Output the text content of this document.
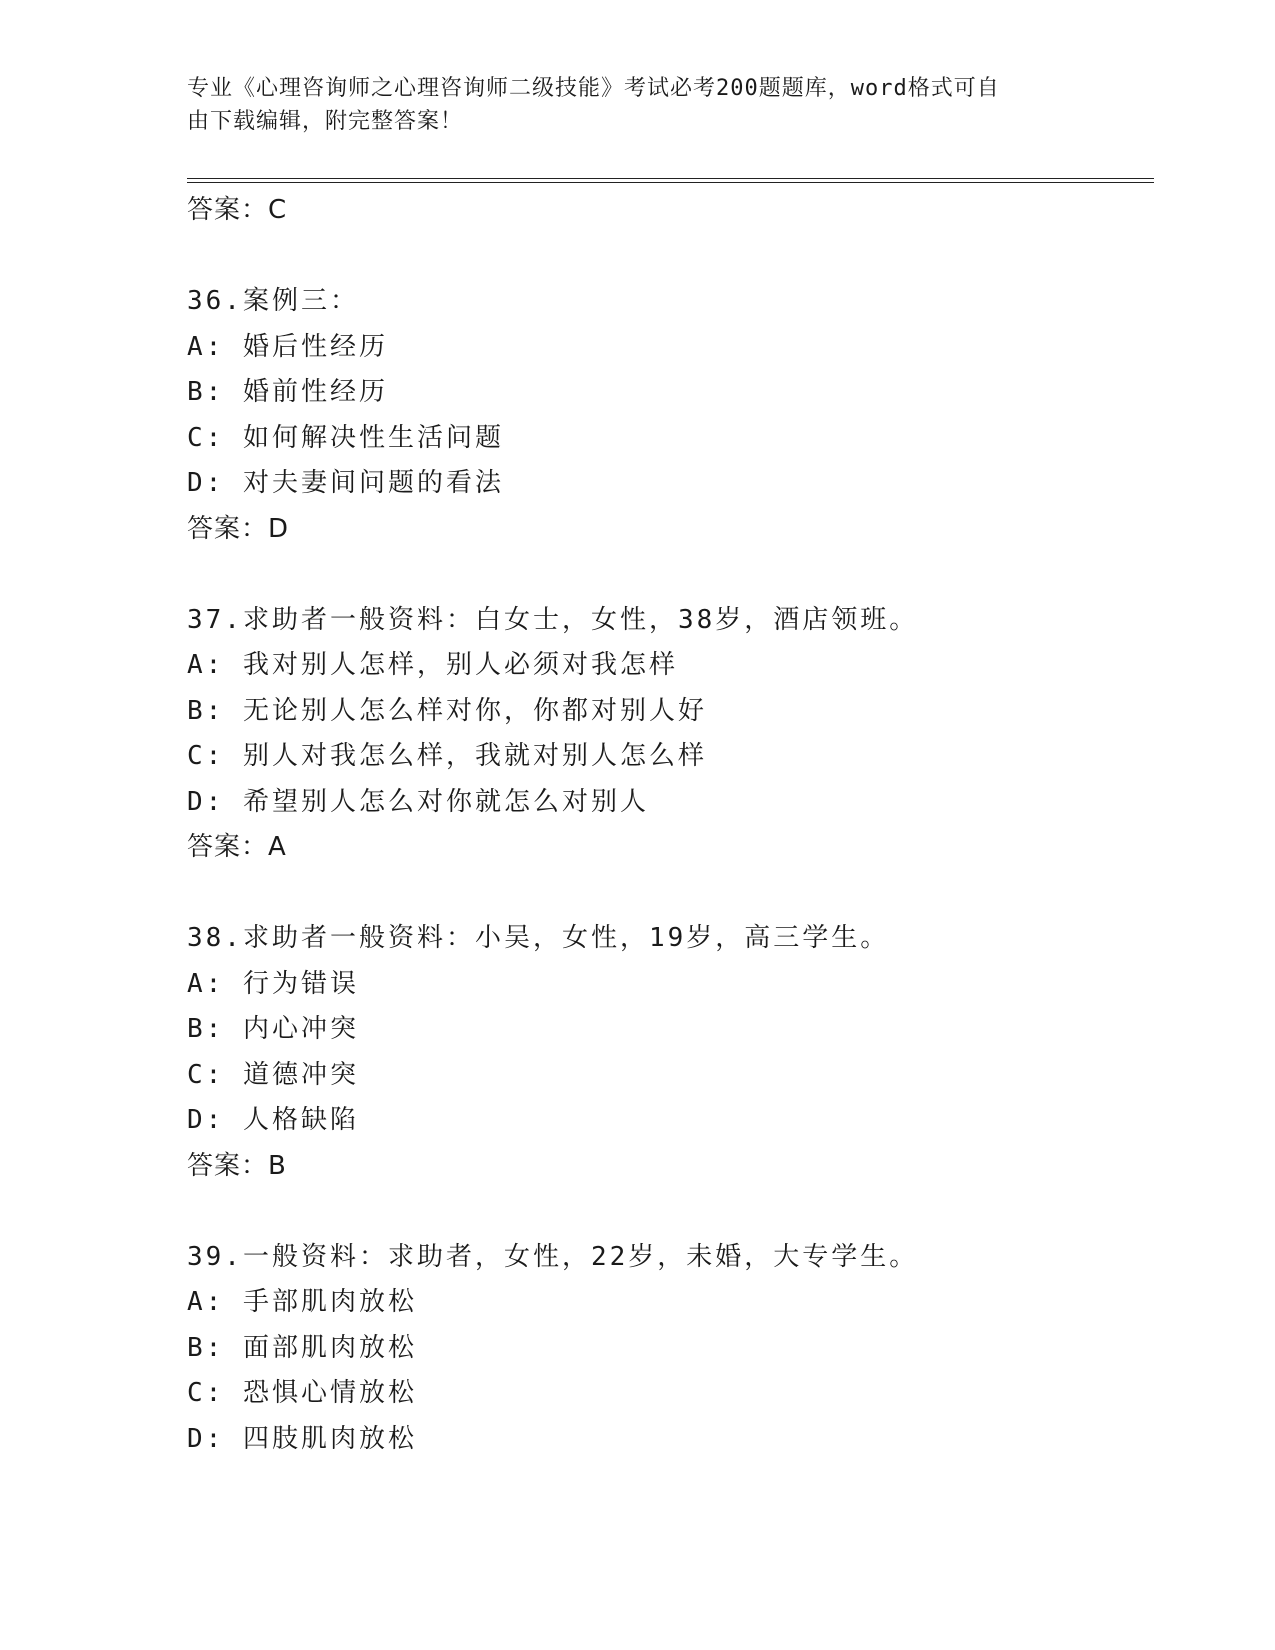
专业《心理咨询师之心理咨询师二级技能》考试必考200题题库，word格式可自
由下载编辑，附完整答案！
答案：C
36.案例三：
A: 婚后性经历
B: 婚前性经历
C: 如何解决性生活问题
D: 对夫妻间问题的看法
答案：D
37.求助者一般资料：白女士，女性，38岁，酒店领班。
A: 我对别人怎样，别人必须对我怎样
B: 无论别人怎么样对你，你都对别人好
C: 别人对我怎么样，我就对别人怎么样
D: 希望别人怎么对你就怎么对别人
答案：A
38.求助者一般资料：小吴，女性，19岁，高三学生。
A: 行为错误
B: 内心冲突
C: 道德冲突
D: 人格缺陷
答案：B
39.一般资料：求助者，女性，22岁，未婚，大专学生。
A: 手部肌肉放松
B: 面部肌肉放松
C: 恐惧心情放松
D: 四肢肌肉放松
